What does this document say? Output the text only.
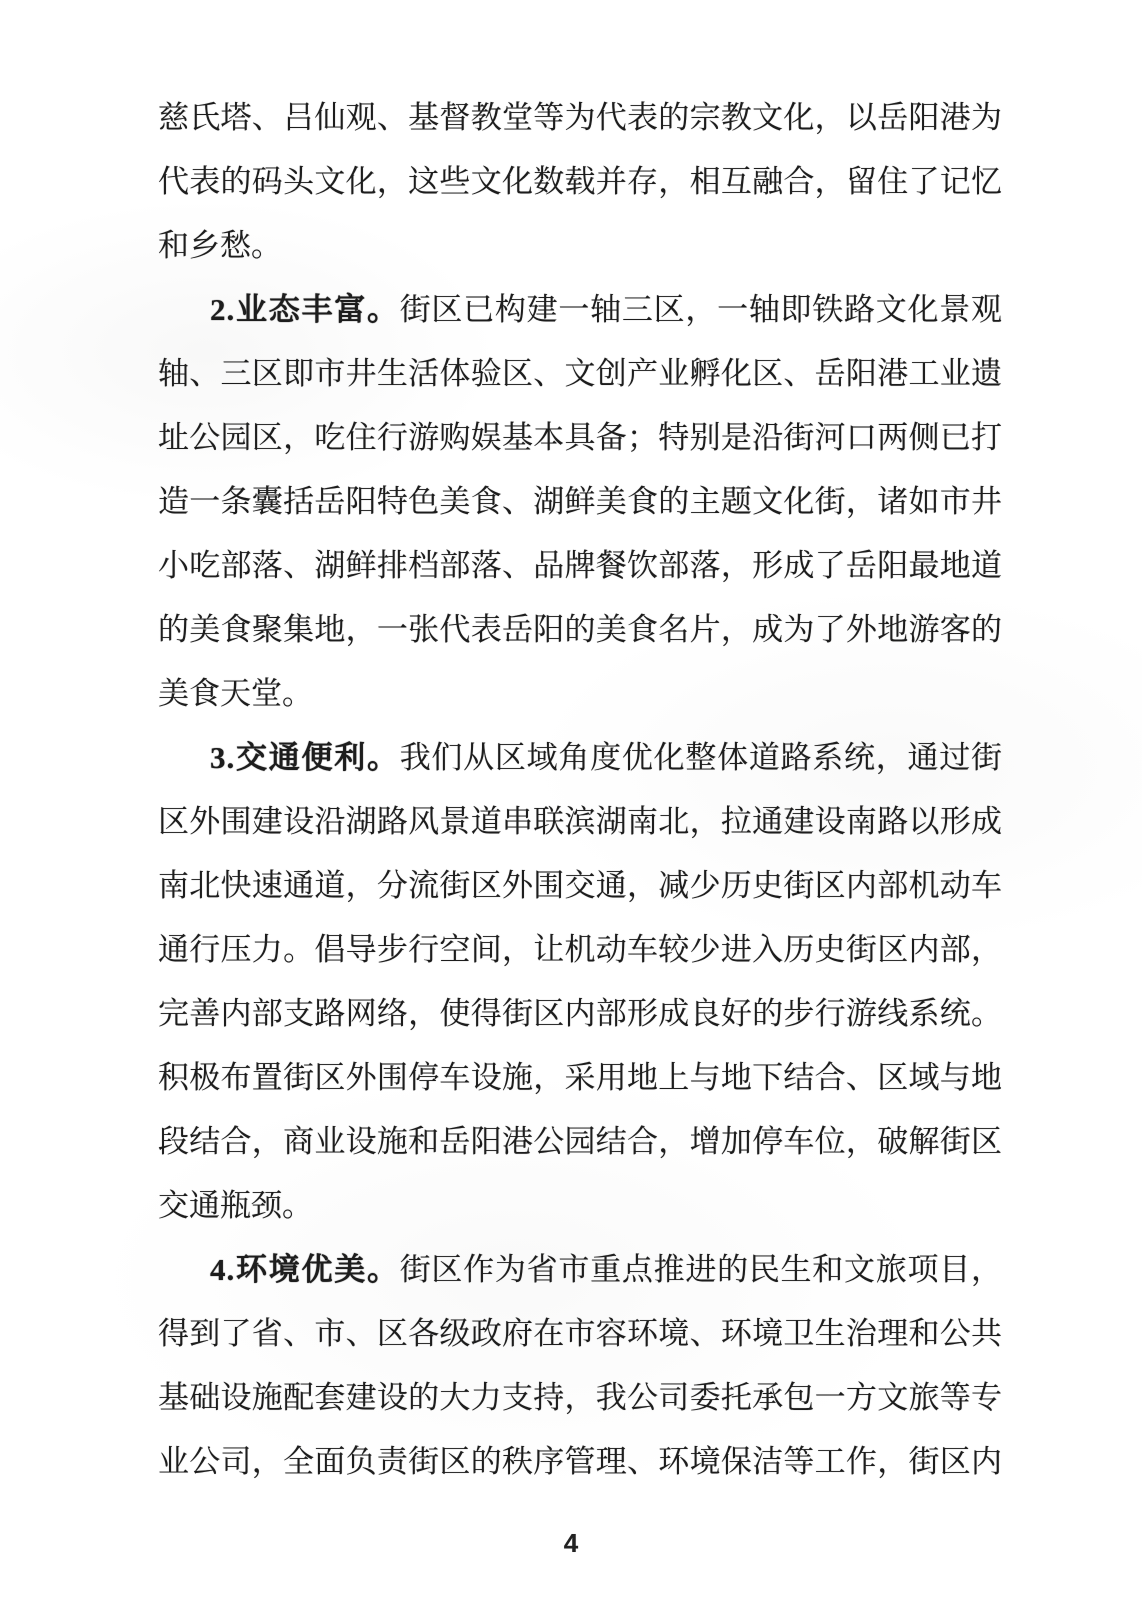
慈氏塔、吕仙观、基督教堂等为代表的宗教文化，以岳阳港为
代表的码头文化，这些文化数载并存，相互融合，留住了记忆
和乡愁。
2.业态丰富。街区已构建一轴三区，一轴即铁路文化景观
轴、三区即市井生活体验区、文创产业孵化区、岳阳港工业遗
址公园区，吃住行游购娱基本具备；特别是沿街河口两侧已打
造一条囊括岳阳特色美食、湖鲜美食的主题文化街，诸如市井
小吃部落、湖鲜排档部落、品牌餐饮部落，形成了岳阳最地道
的美食聚集地，一张代表岳阳的美食名片，成为了外地游客的
美食天堂。
3.交通便利。我们从区域角度优化整体道路系统，通过街
区外围建设沿湖路风景道串联滨湖南北，拉通建设南路以形成
南北快速通道，分流街区外围交通，减少历史街区内部机动车
通行压力。倡导步行空间，让机动车较少进入历史街区内部，
完善内部支路网络，使得街区内部形成良好的步行游线系统。
积极布置街区外围停车设施，采用地上与地下结合、区域与地
段结合，商业设施和岳阳港公园结合，增加停车位，破解街区
交通瓶颈。
4.环境优美。街区作为省市重点推进的民生和文旅项目，
得到了省、市、区各级政府在市容环境、环境卫生治理和公共
基础设施配套建设的大力支持，我公司委托承包一方文旅等专
业公司，全面负责街区的秩序管理、环境保洁等工作，街区内
4
